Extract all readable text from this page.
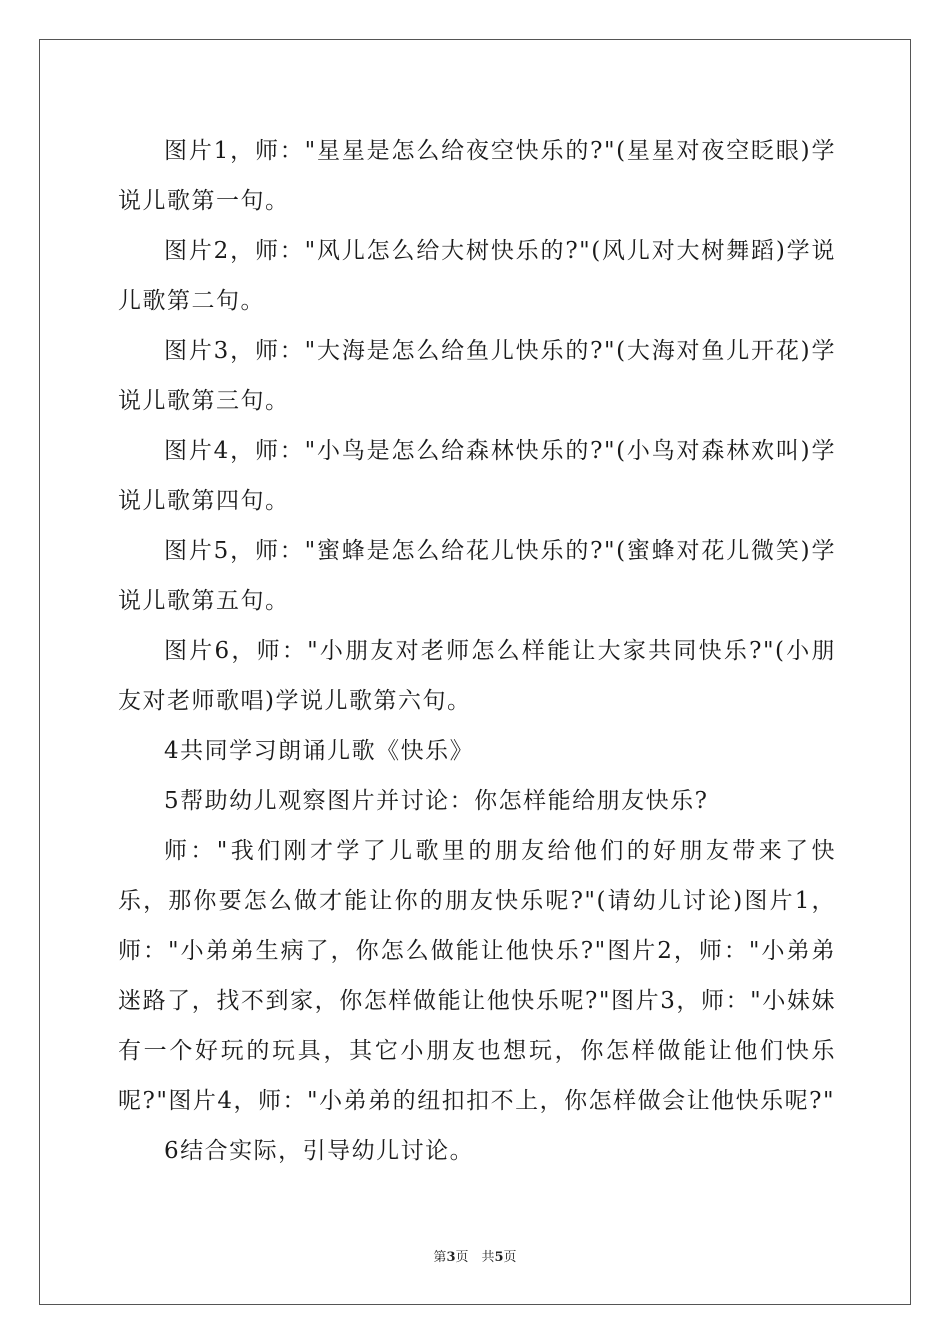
图片1，师："星星是怎么给夜空快乐的?"(星星对夜空眨眼)学说儿歌第一句。

图片2，师："风儿怎么给大树快乐的?"(风儿对大树舞蹈)学说儿歌第二句。

图片3，师："大海是怎么给鱼儿快乐的?"(大海对鱼儿开花)学说儿歌第三句。

图片4，师："小鸟是怎么给森林快乐的?"(小鸟对森林欢叫)学说儿歌第四句。

图片5，师："蜜蜂是怎么给花儿快乐的?"(蜜蜂对花儿微笑)学说儿歌第五句。

图片6，师："小朋友对老师怎么样能让大家共同快乐?"(小朋友对老师歌唱)学说儿歌第六句。

4共同学习朗诵儿歌《快乐》

5帮助幼儿观察图片并讨论：你怎样能给朋友快乐?

师："我们刚才学了儿歌里的朋友给他们的好朋友带来了快乐，那你要怎么做才能让你的朋友快乐呢?"(请幼儿讨论)图片1，师："小弟弟生病了，你怎么做能让他快乐?"图片2，师："小弟弟迷路了，找不到家，你怎样做能让他快乐呢?"图片3，师："小妹妹有一个好玩的玩具，其它小朋友也想玩，你怎样做能让他们快乐呢?"图片4，师："小弟弟的纽扣扣不上，你怎样做会让他快乐呢?"

6结合实际，引导幼儿讨论。

第3页　共5页
